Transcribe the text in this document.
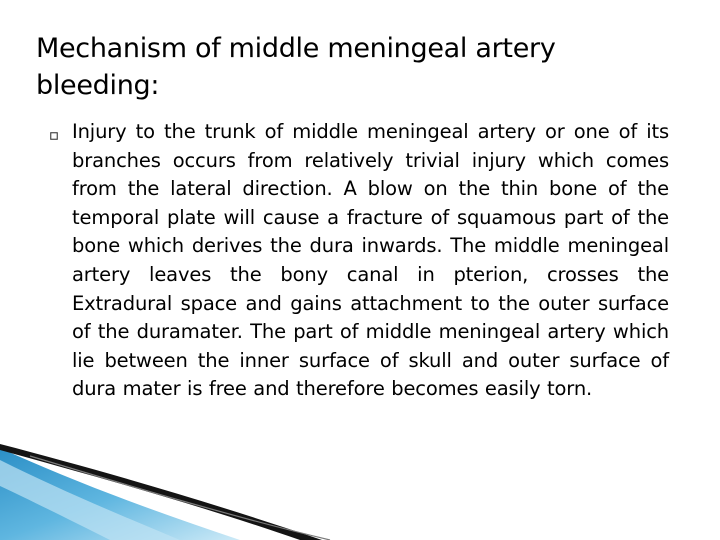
Mechanism of middle meningeal artery bleeding:

Injury to the trunk of middle meningeal artery or one of its branches occurs from relatively trivial injury which comes from the lateral direction. A blow on the thin bone of the temporal plate will cause a fracture of squamous part of the bone which derives the dura inwards. The middle meningeal artery leaves the bony canal in pterion, crosses the Extradural space and gains attachment to the outer surface of the duramater. The part of middle meningeal artery which lie between the inner surface of skull and outer surface of dura mater is free and therefore becomes easily torn.
